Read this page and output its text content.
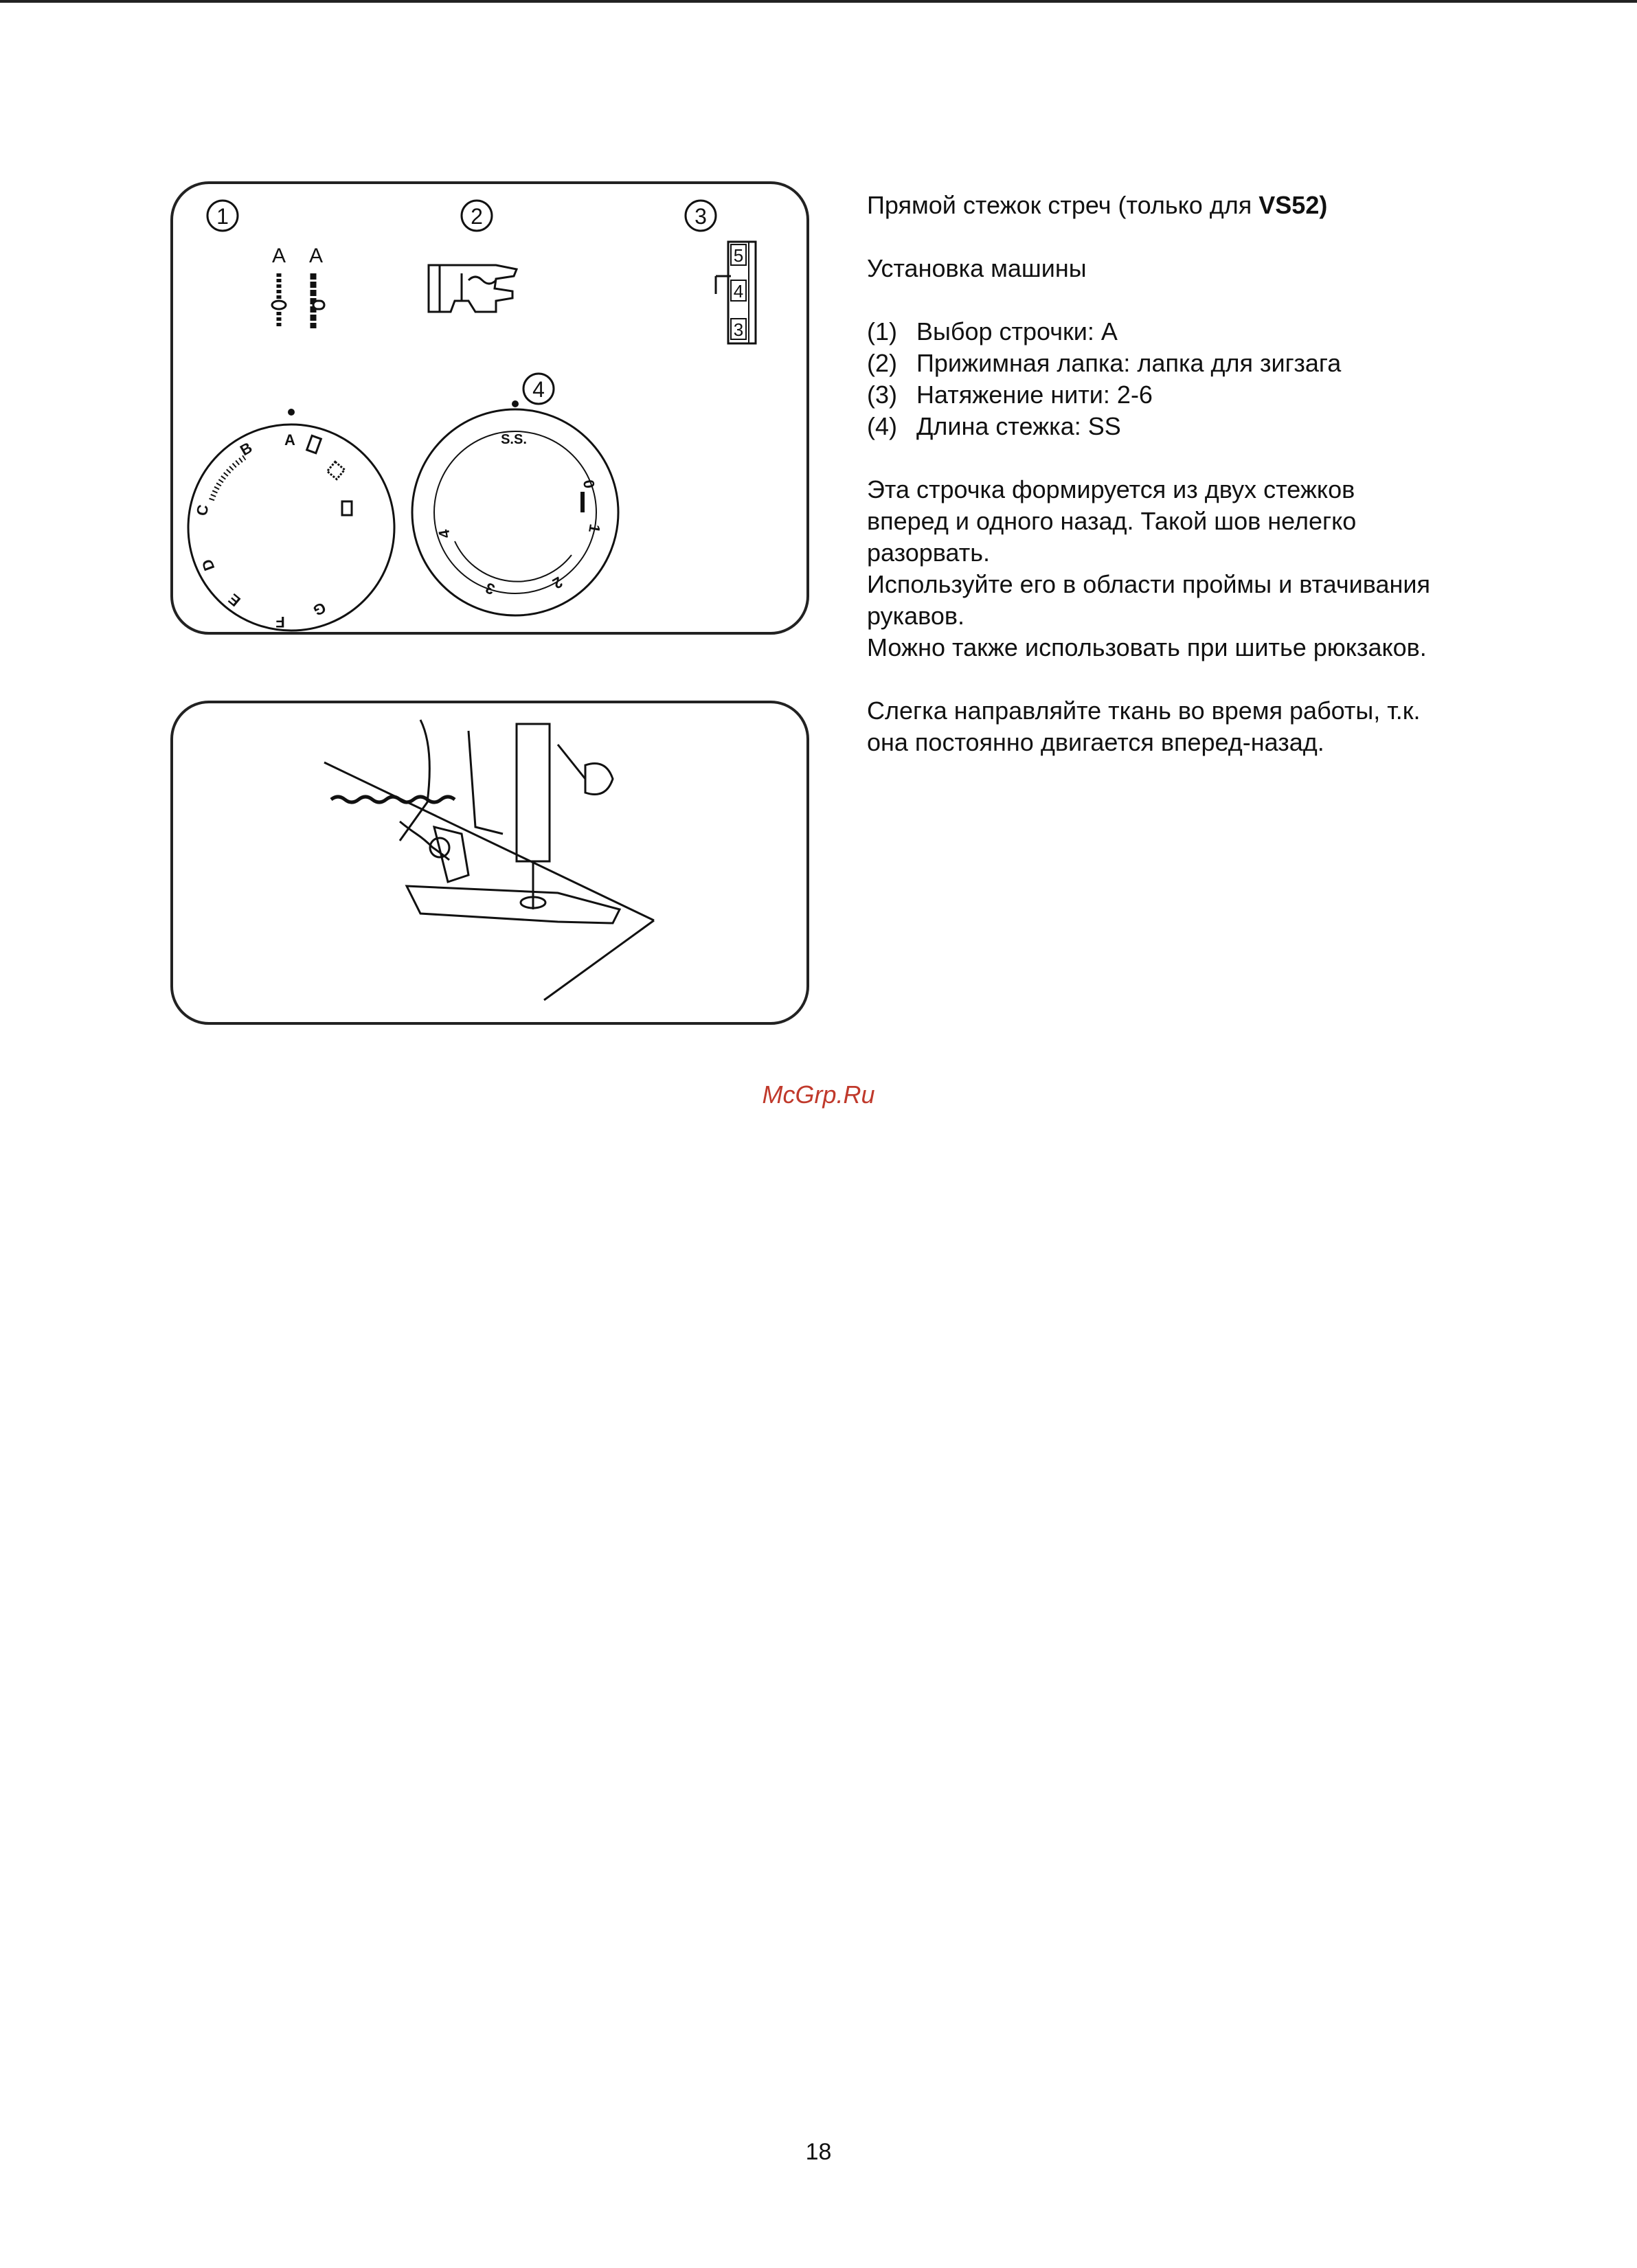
1	2	3
4
A A	5
4
3
A
B
C
D
E
F
G
S.S.
0
1
2
3
4

Прямой стежок стреч (только для VS52)

Установка машины

(1) Выбор строчки: A
(2) Прижимная лапка: лапка для зигзага
(3) Натяжение нити: 2-6
(4) Длина стежка: SS

Эта строчка формируется из двух стежков

вперед и одного назад. Такой шов нелегко

разорвать.

Используйте его в области проймы и втачивания

рукавов.

Можно также использовать при шитье рюкзаков.

Слегка направляйте ткань во время работы, т.к.

она постоянно двигается вперед-назад.

McGrp.Ru
18
